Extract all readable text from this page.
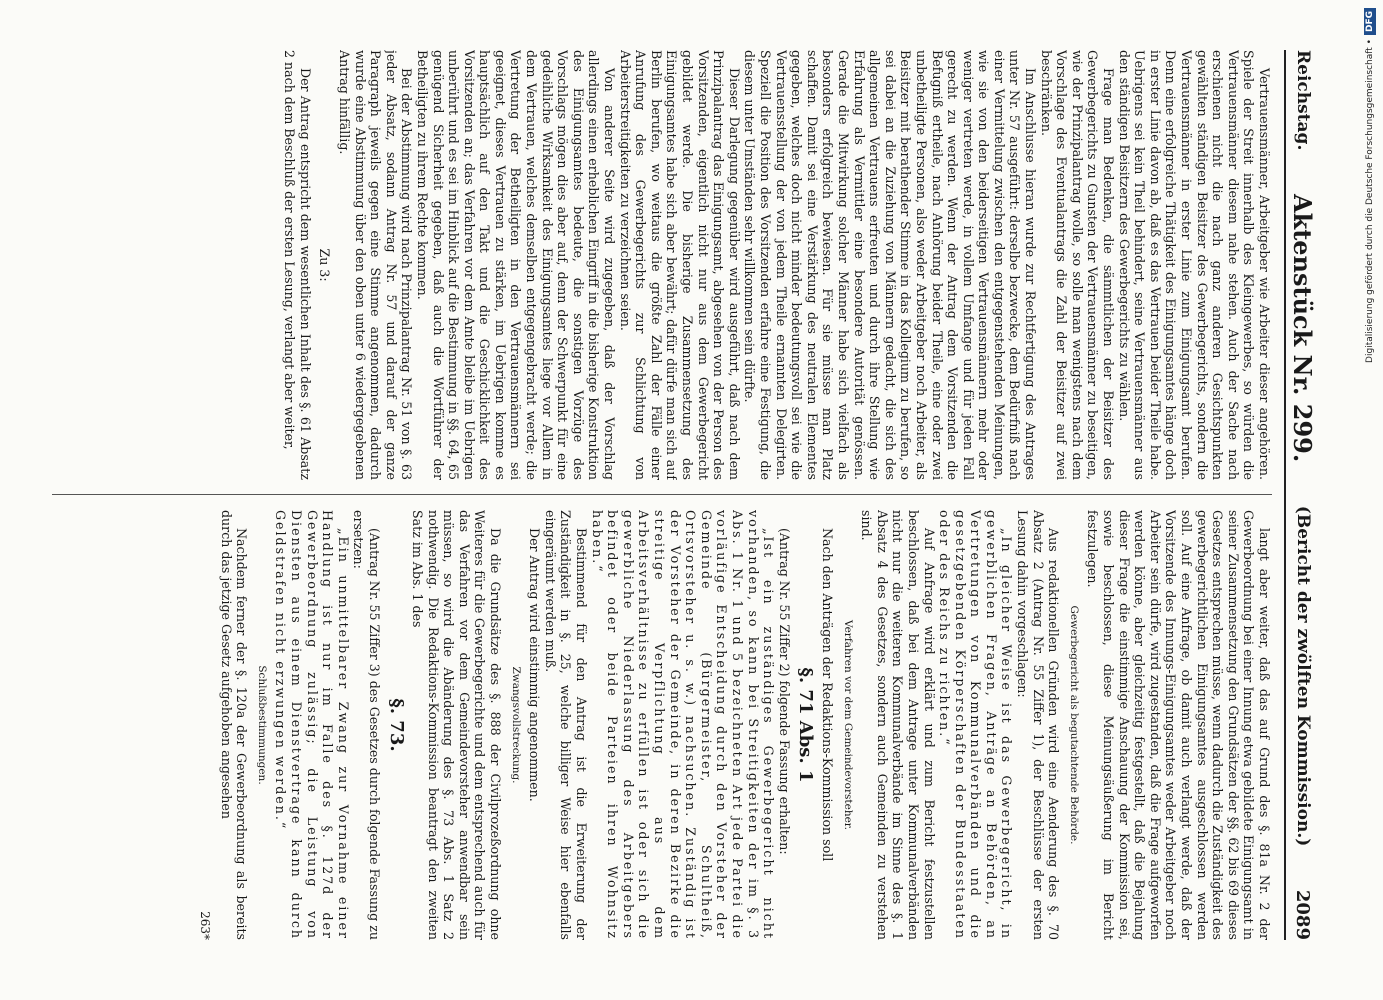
Reichstag.
Aktenstück Nr. 299.
(Bericht der zwölften Kommission.)
2089

Vertrauensmänner, Arbeitgeber wie Arbeiter dieser angehören. Spiele der Streit innerhalb des Kleingewerbes, so würden die Vertrauensmänner diesem nahe stehen. Auch der Sache nach erschienen nicht die nach ganz anderen Gesichtspunkten gewählten ständigen Beisitzer des Gewerbegerichts, sondern die Vertrauensmänner in erster Linie zum Einigungsamt berufen. Denn eine erfolgreiche Thätigkeit des Einigungsamtes hänge doch in erster Linie davon ab, daß es das Vertrauen beider Theile habe. Uebrigens sei kein Theil behindert, seine Vertrauensmänner aus den ständigen Beisitzern des Gewerbegerichts zu wählen.

Frage man Bedenken, die sämmtlichen der Beisitzer des Gewerbegerichts zu Gunsten der Vertrauensmänner zu beseitigen, wie der Prinzipalantrag wolle, so solle man wenigstens nach dem Vorschlage des Eventualantrags die Zahl der Beisitzer auf zwei beschränken.

Im Anschlusse hieran wurde zur Rechtfertigung des Antrages unter Nr. 57 ausgeführt: derselbe bezwecke, dem Bedürfniß nach einer Vermittelung zwischen den entgegenstehenden Meinungen, wie sie von den beiderseitigen Vertrauensmännern mehr oder weniger vertreten werde, in vollem Umfange und für jeden Fall gerecht zu werden. Wenn der Antrag dem Vorsitzenden die Befugniß ertheile, nach Anhörung beider Theile, eine oder zwei unbetheiligte Personen, also weder Arbeitgeber noch Arbeiter, als Beisitzer mit berathender Stimme in das Kollegium zu berufen, so sei dabei an die Zuziehung von Männern gedacht, die sich des allgemeinen Vertrauens erfreuten und durch ihre Stellung wie Erfahrung als Vermittler eine besondere Autorität genössen. Gerade die Mitwirkung solcher Männer habe sich vielfach als besonders erfolgreich bewiesen. Für sie müsse man Platz schaffen. Damit sei eine Verstärkung des neutralen Elementes gegeben, welches doch nicht minder bedeutungsvoll sei wie die Vertrauensstellung der von jedem Theile ernannten Delegirten. Speziell die Position des Vorsitzenden erfahre eine Festigung, die diesem unter Umständen sehr willkommen sein dürfte.

Dieser Darlegung gegenüber wird ausgeführt, daß nach dem Prinzipalantrag das Einigungsamt, abgesehen von der Person des Vorsitzenden, eigentlich nicht nur aus dem Gewerbegericht gebildet werde. Die bisherige Zusammensetzung des Einigungsamtes habe sich aber bewährt; dafür dürfe man sich auf Berlin berufen, wo weitaus die größte Zahl der Fälle einer Anrufung des Gewerbegerichts zur Schlichtung von Arbeiterstreitigkeiten zu verzeichnen seien.

Von anderer Seite wird zugegeben, daß der Vorschlag allerdings einen erheblichen Eingriff in die bisherige Konstruktion des Einigungsamtes bedeute, die sonstigen Vorzüge des Vorschlags mögen dies aber auf, denn der Schwerpunkt für eine gedeihliche Wirksamkeit des Einigungsamtes liege vor Allem in dem Vertrauen, welches demselben entgegengebracht werde; die Vertretung der Betheiligten in den Vertrauensmännern sei geeignet, dieses Vertrauen zu stärken, im Uebrigen komme es hauptsächlich auf den Takt und die Geschicklichkeit des Vorsitzenden an; das Verfahren vor dem Amte bleibe im Uebrigen unberührt und es sei im Hinblick auf die Bestimmung in §§. 64, 65 genügend Sicherheit gegeben, daß auch die Wortführer der Betheiligten zu ihrem Rechte kommen.

Bei der Abstimmung wird nach Prinzipalantrag Nr. 51 von §. 63 jeder Absatz, sodann Antrag Nr. 57 und darauf der ganze Paragraph jeweils gegen eine Stimme angenommen, dadurch wurde eine Abstimmung über den oben unter 6 wiedergegebenen Antrag hinfällig.

Zu 3:

Der Antrag entspricht dem wesentlichen Inhalt des §. 61 Absatz 2 nach dem Beschluß der ersten Lesung, verlangt aber weiter,

langt aber weiter, daß das auf Grund des §. 81a Nr. 2 der Gewerbeordnung bei einer Innung etwa gebildete Einigungsamt in seiner Zusammensetzung den Grundsätzen der §§. 62 bis 69 dieses Gesetzes entsprechen müsse, wenn dadurch die Zuständigkeit des gewerbegerichtlichen Einigungsamtes ausgeschlossen werden soll. Auf eine Anfrage, ob damit auch verlangt werde, daß der Vorsitzende des Innungs-Einigungsamtes weder Arbeitgeber noch Arbeiter sein dürfe, wird zugestanden, daß die Frage aufgeworfen werden könne, aber gleichzeitig festgestellt, daß die Bejahung dieser Frage die einstimmige Anschauung der Kommission sei, sowie beschlossen, diese Meinungsäußerung im Bericht festzulegen.

Gewerbegericht als begutachtende Behörde.

Aus redaktionellen Gründen wird eine Aenderung des §. 70 Absatz 2 (Antrag Nr. 55 Ziffer 1), der Beschlüsse der ersten Lesung dahin vorgeschlagen:

„In gleicher Weise ist das Gewerbegericht, in gewerblichen Fragen, Anträge an Behörden, an Vertretungen von Kommunalverbänden und die gesetzgebenden Körperschaften der Bundesstaaten oder des Reichs zu richten.“

Auf Anfrage wird erklärt und zum Bericht festzustellen beschlossen, daß bei dem Antrage unter Kommunalverbänden nicht nur die weiteren Kommunalverbände im Sinne des §. 1 Absatz 4 des Gesetzes, sondern auch Gemeinden zu verstehen sind.

Verfahren vor dem Gemeindevorsteher.

Nach den Anträgen der Redaktions-Kommission soll

§. 71 Abs. 1

(Antrag Nr. 55 Ziffer 2) folgende Fassung erhalten:

„Ist ein zuständiges Gewerbegericht nicht vorhanden, so kann bei Streitigkeiten der im §. 3 Abs. 1 Nr. 1 und 5 bezeichneten Art jede Partei die vorläufige Entscheidung durch den Vorsteher der Gemeinde (Bürgermeister, Schultheiß, Ortsvorsteher u. s. w.) nachsuchen. Zuständig ist der Vorsteher der Gemeinde, in deren Bezirke die streitige Verpflichtung aus dem Arbeitsverhältnisse zu erfüllen ist oder sich die gewerbliche Niederlassung des Arbeitgebers befindet oder beide Parteien ihren Wohnsitz haben.“

Bestimmend für den Antrag ist die Erweiterung der Zuständigkeit in §. 25, welche billiger Weise hier ebenfalls eingeräumt werden muß.

Der Antrag wird einstimmig angenommen.

Zwangsvollstreckung.

Da die Grundsätze des §. 888 der Civilprozeßordnung ohne Weiteres für die Gewerbegerichte und dem entsprechend auch für das Verfahren vor dem Gemeindevorsteher anwendbar sein müssen, so wird die Abänderung des §. 73 Abs. 1 Satz 2 nothwendig. Die Redaktions-Kommission beantragt den zweiten Satz im Abs. 1 des

§. 73.

(Antrag Nr. 55 Ziffer 3) des Gesetzes durch folgende Fassung zu ersetzen:

„Ein unmittelbarer Zwang zur Vornahme einer Handlung ist nur im Falle des §. 127d der Gewerbeordnung zulässig; die Leistung von Diensten aus einem Dienstvertrage kann durch Geldstrafen nicht erzwungen werden.“

Schlußbestimmungen.

Nachdem ferner der §. 120a der Gewerbeordnung als bereits durch das jetzige Gesetz aufgehoben angesehen

263*
Digitalisierung gefördert durch die Deutsche Forschungsgemeinschaft •
DFG
